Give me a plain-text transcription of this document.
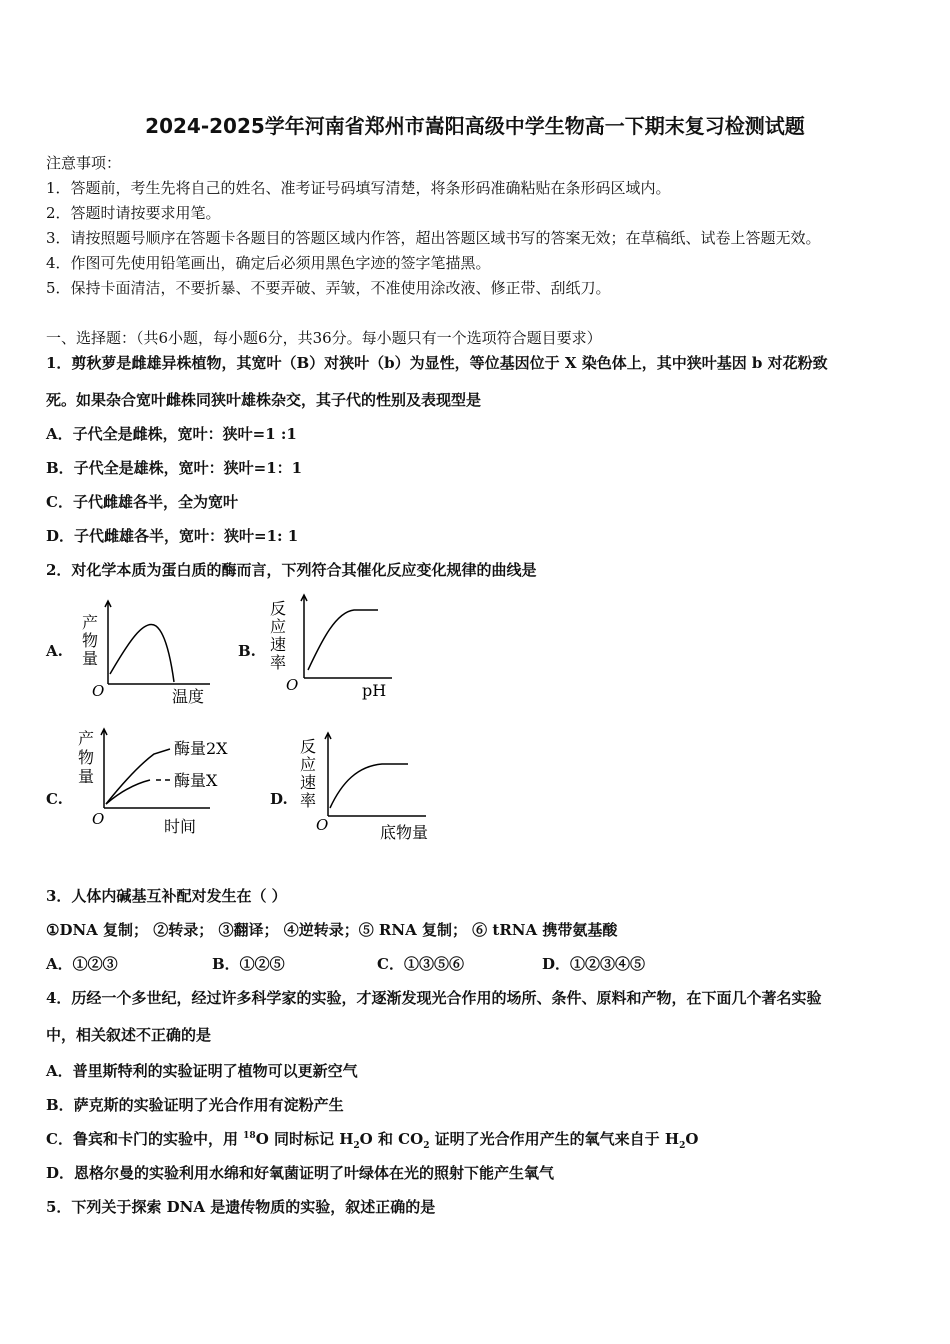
2024-2025学年河南省郑州市嵩阳高级中学生物高一下期末复习检测试题
注意事项：
1．答题前，考生先将自己的姓名、准考证号码填写清楚，将条形码准确粘贴在条形码区域内。
2．答题时请按要求用笔。
3．请按照题号顺序在答题卡各题目的答题区域内作答，超出答题区域书写的答案无效；在草稿纸、试卷上答题无效。
4．作图可先使用铅笔画出，确定后必须用黑色字迹的签字笔描黑。
5．保持卡面清洁，不要折暴、不要弄破、弄皱，不准使用涂改液、修正带、刮纸刀。
一、选择题：（共6小题，每小题6分，共36分。每小题只有一个选项符合题目要求）
1．剪秋萝是雌雄异株植物，其宽叶（B）对狭叶（b）为显性，等位基因位于 X 染色体上，其中狭叶基因 b 对花粉致
死。如果杂合宽叶雌株同狭叶雄株杂交，其子代的性别及表现型是
A．子代全是雌株，宽叶：狭叶=1 :1
B．子代全是雄株，宽叶：狭叶=1：1
C．子代雌雄各半，全为宽叶
D．子代雌雄各半，宽叶：狭叶=1: 1
2．对化学本质为蛋白质的酶而言，下列符合其催化反应变化规律的曲线是
A.
产
物
量
O	温度
B.
反
应
速
率
O	pH
C.
产
物
量
O	时间
酶量2X
酶量X
D.
反
应
速
率
O	底物量
3．人体内碱基互补配对发生在（ ）
①DNA 复制； ②转录； ③翻译； ④逆转录；⑤ RNA 复制； ⑥ tRNA 携带氨基酸
A．①②③	B．①②⑤	C．①③⑤⑥	D．①②③④⑤
4．历经一个多世纪，经过许多科学家的实验，才逐渐发现光合作用的场所、条件、原料和产物，在下面几个著名实验
中，相关叙述不正确的是
A．普里斯特利的实验证明了植物可以更新空气
B．萨克斯的实验证明了光合作用有淀粉产生
C．鲁宾和卡门的实验中，用 $^{18}$O 同时标记 $H_2O$ 和 $CO_2$ 证明了光合作用产生的氧气来自于 $H_2O$
D．恩格尔曼的实验利用水绵和好氧菌证明了叶绿体在光的照射下能产生氧气
5．下列关于探索 DNA 是遗传物质的实验，叙述正确的是
